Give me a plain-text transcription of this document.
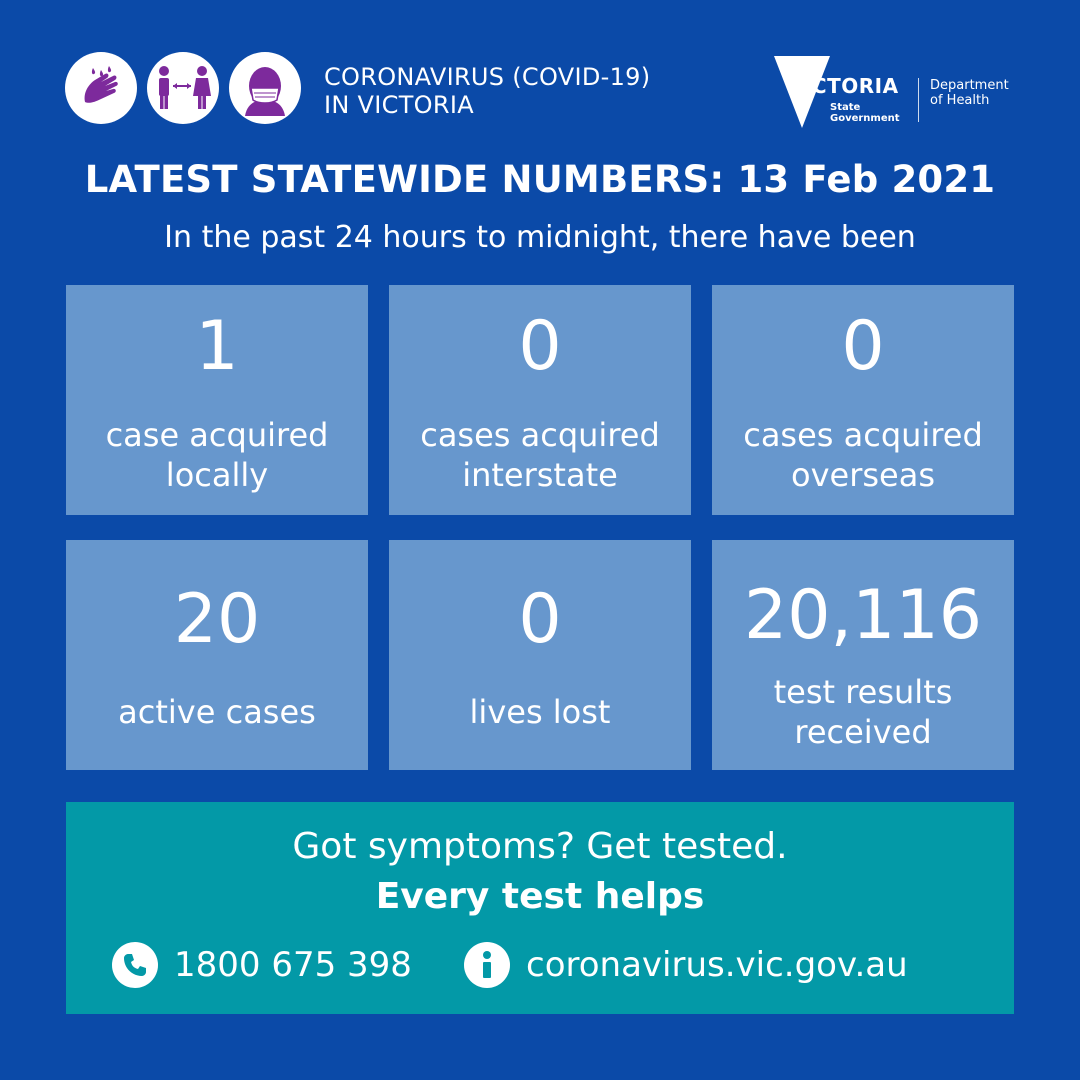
CORONAVIRUS (COVID-19)
IN VICTORIA
VICTORIA
State
Government
Department
of Health
LATEST STATEWIDE NUMBERS: 13 Feb 2021
In the past 24 hours to midnight, there have been
1
case acquired
locally
0
cases acquired
interstate
0
cases acquired
overseas
20
active cases
0
lives lost
20,116
test results
received
Got symptoms? Get tested.
Every test helps
1800 675 398	coronavirus.vic.gov.au
